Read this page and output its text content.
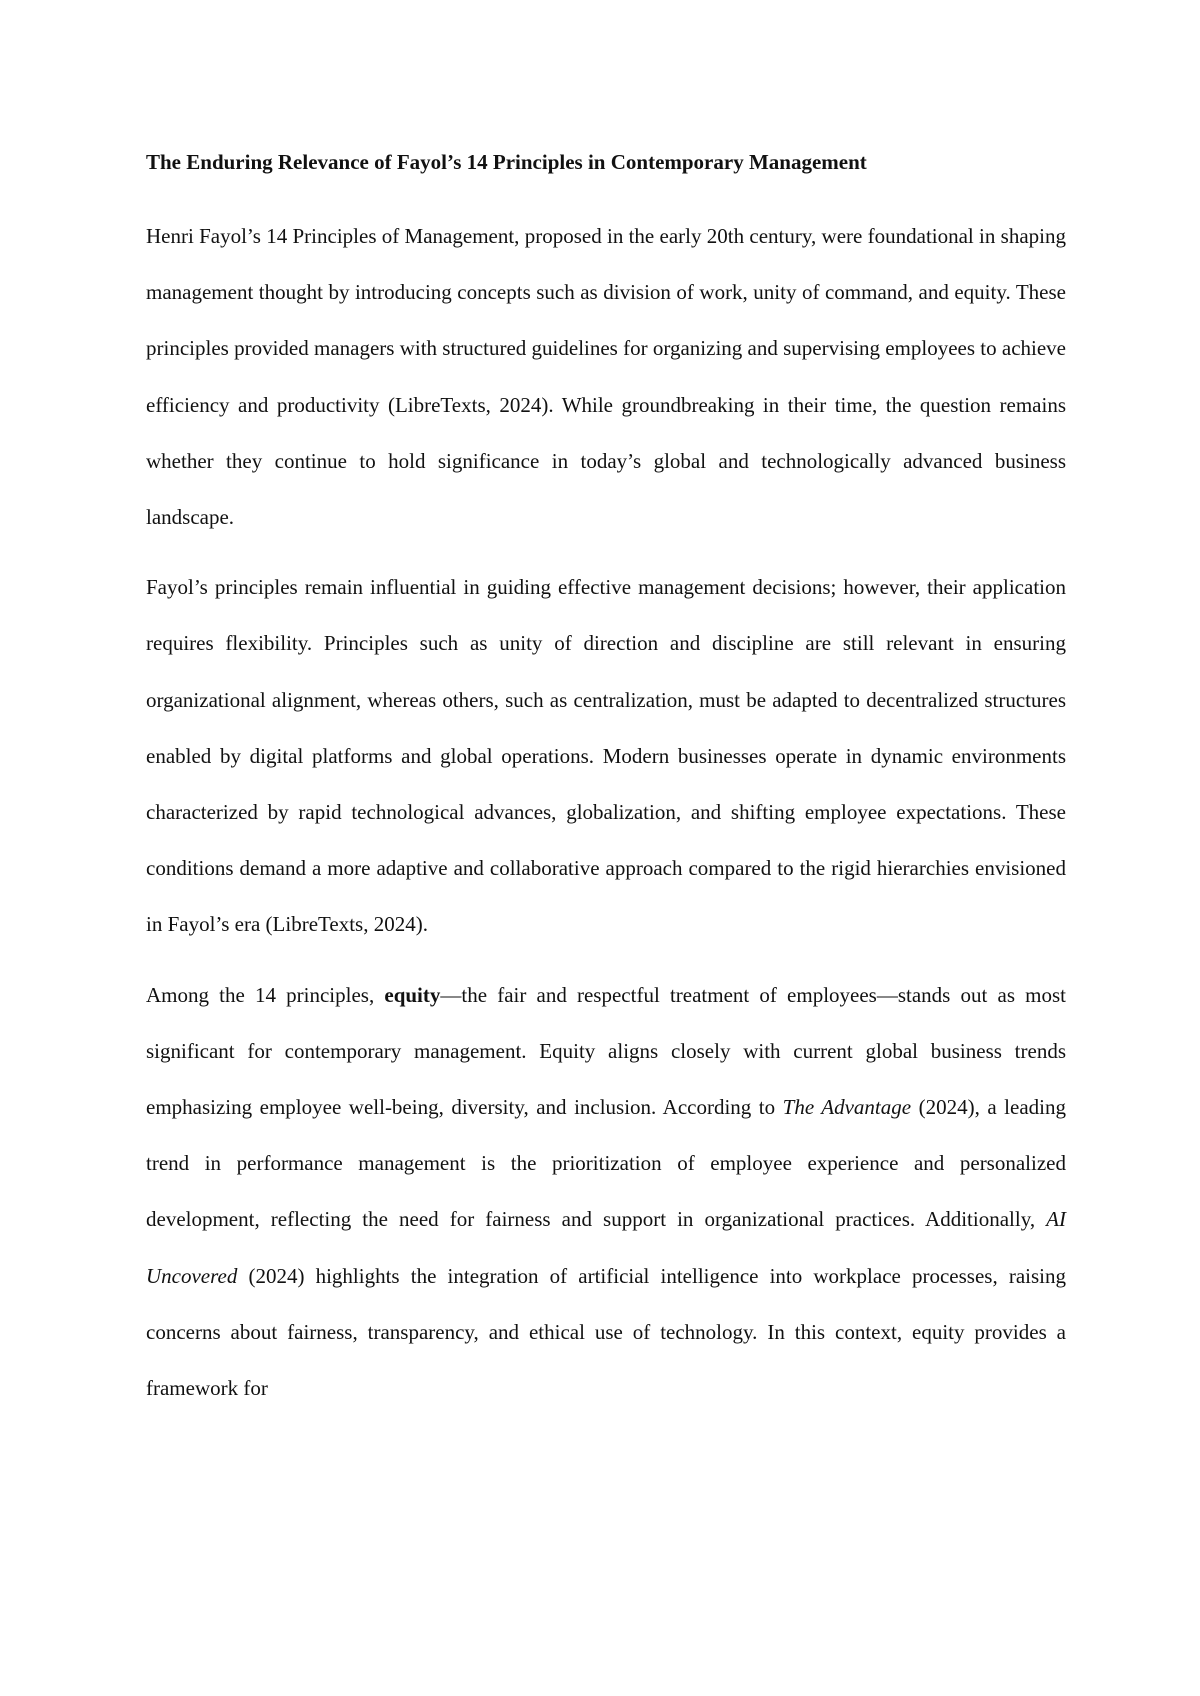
The Enduring Relevance of Fayol’s 14 Principles in Contemporary Management

Henri Fayol’s 14 Principles of Management, proposed in the early 20th century, were foundational in shaping management thought by introducing concepts such as division of work, unity of command, and equity. These principles provided managers with structured guidelines for organizing and supervising employees to achieve efficiency and productivity (LibreTexts, 2024). While groundbreaking in their time, the question remains whether they continue to hold significance in today’s global and technologically advanced business landscape.

Fayol’s principles remain influential in guiding effective management decisions; however, their application requires flexibility. Principles such as unity of direction and discipline are still relevant in ensuring organizational alignment, whereas others, such as centralization, must be adapted to decentralized structures enabled by digital platforms and global operations. Modern businesses operate in dynamic environments characterized by rapid technological advances, globalization, and shifting employee expectations. These conditions demand a more adaptive and collaborative approach compared to the rigid hierarchies envisioned in Fayol’s era (LibreTexts, 2024).

Among the 14 principles, equity—the fair and respectful treatment of employees—stands out as most significant for contemporary management. Equity aligns closely with current global business trends emphasizing employee well-being, diversity, and inclusion. According to The Advantage (2024), a leading trend in performance management is the prioritization of employee experience and personalized development, reflecting the need for fairness and support in organizational practices. Additionally, AI Uncovered (2024) highlights the integration of artificial intelligence into workplace processes, raising concerns about fairness, transparency, and ethical use of technology. In this context, equity provides a framework for
